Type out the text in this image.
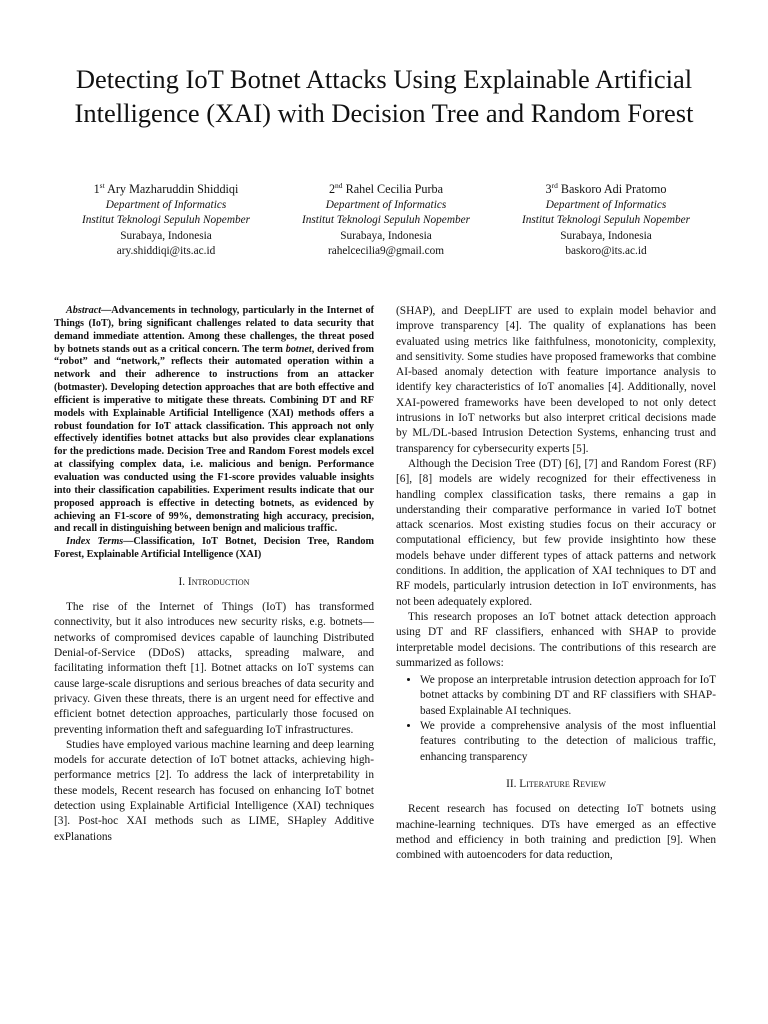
Detecting IoT Botnet Attacks Using Explainable Artificial Intelligence (XAI) with Decision Tree and Random Forest
1st Ary Mazharuddin Shiddiqi
Department of Informatics
Institut Teknologi Sepuluh Nopember
Surabaya, Indonesia
ary.shiddiqi@its.ac.id
2nd Rahel Cecilia Purba
Department of Informatics
Institut Teknologi Sepuluh Nopember
Surabaya, Indonesia
rahelcecilia9@gmail.com
3rd Baskoro Adi Pratomo
Department of Informatics
Institut Teknologi Sepuluh Nopember
Surabaya, Indonesia
baskoro@its.ac.id

Abstract—Advancements in technology, particularly in the Internet of Things (IoT), bring significant challenges related to data security that demand immediate attention. Among these challenges, the threat posed by botnets stands out as a critical concern. The term botnet, derived from “robot” and “network,” reflects their automated operation within a network and their adherence to instructions from an attacker (botmaster). Developing detection approaches that are both effective and efficient is imperative to mitigate these threats. Combining DT and RF models with Explainable Artificial Intelligence (XAI) methods offers a robust foundation for IoT attack classification. This approach not only effectively identifies botnet attacks but also provides clear explanations for the predictions made. Decision Tree and Random Forest models excel at classifying complex data, i.e. malicious and benign. Performance evaluation was conducted using the F1-score provides valuable insights into their classification capabilities. Experiment results indicate that our proposed approach is effective in detecting botnets, as evidenced by achieving an F1-score of 99%, demonstrating high accuracy, precision, and recall in distinguishing between benign and malicious traffic.

Index Terms—Classification, IoT Botnet, Decision Tree, Random Forest, Explainable Artificial Intelligence (XAI)

I. Introduction

The rise of the Internet of Things (IoT) has transformed connectivity, but it also introduces new security risks, e.g. botnets—networks of compromised devices capable of launching Distributed Denial-of-Service (DDoS) attacks, spreading malware, and facilitating information theft [1]. Botnet attacks on IoT systems can cause large-scale disruptions and serious breaches of data security and privacy. Given these threats, there is an urgent need for effective and efficient botnet detection approaches, particularly those focused on preventing information theft and safeguarding IoT infrastructures.

Studies have employed various machine learning and deep learning models for accurate detection of IoT botnet attacks, achieving high-performance metrics [2]. To address the lack of interpretability in these models, Recent research has focused on enhancing IoT botnet detection using Explainable Artificial Intelligence (XAI) techniques [3]. Post-hoc XAI methods such as LIME, SHapley Additive exPlanations

(SHAP), and DeepLIFT are used to explain model behavior and improve transparency [4]. The quality of explanations has been evaluated using metrics like faithfulness, monotonicity, complexity, and sensitivity. Some studies have proposed frameworks that combine AI-based anomaly detection with feature importance analysis to identify key characteristics of IoT anomalies [4]. Additionally, novel XAI-powered frameworks have been developed to not only detect intrusions in IoT networks but also interpret critical decisions made by ML/DL-based Intrusion Detection Systems, enhancing trust and transparency for cybersecurity experts [5].

Although the Decision Tree (DT) [6], [7] and Random Forest (RF) [6], [8] models are widely recognized for their effectiveness in handling complex classification tasks, there remains a gap in understanding their comparative performance in varied IoT botnet attack scenarios. Most existing studies focus on their accuracy or computational efficiency, but few provide insightinto how these models behave under different types of attack patterns and network conditions. In addition, the application of XAI techniques to DT and RF models, particularly intrusion detection in IoT environments, has not been adequately explored.

This research proposes an IoT botnet attack detection approach using DT and RF classifiers, enhanced with SHAP to provide interpretable model decisions. The contributions of this research are summarized as follows:

• We propose an interpretable intrusion detection approach for IoT botnet attacks by combining DT and RF classifiers with SHAP-based Explainable AI techniques.
• We provide a comprehensive analysis of the most influential features contributing to the detection of malicious traffic, enhancing transparency
II. Literature Review

Recent research has focused on detecting IoT botnets using machine-learning techniques. DTs have emerged as an effective method and efficiency in both training and prediction [9]. When combined with autoencoders for data reduction,
